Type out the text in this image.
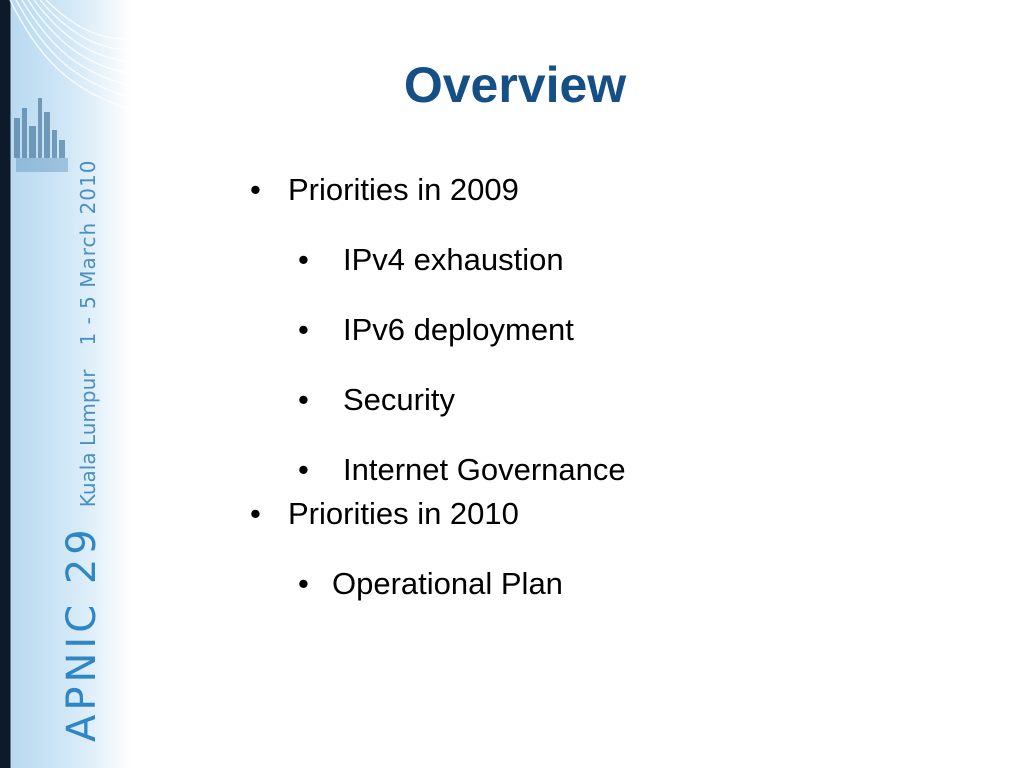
APNIC 29Kuala Lumpur1 - 5 March 2010
Overview
• Priorities in 2009
• IPv4 exhaustion
• IPv6 deployment
• Security
• Internet Governance
• Priorities in 2010
• Operational Plan
